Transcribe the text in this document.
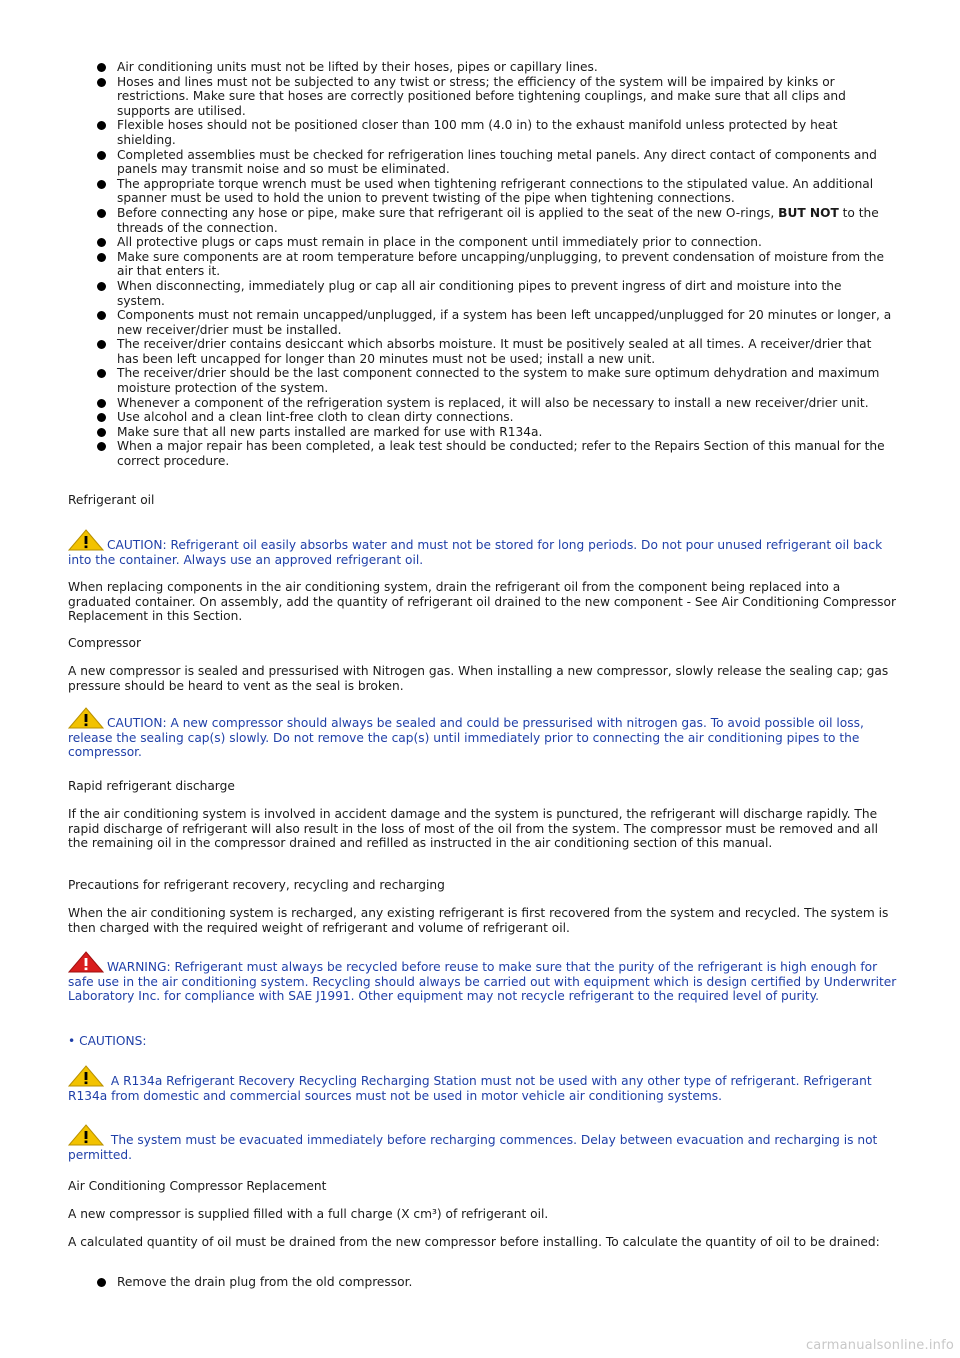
Air conditioning units must not be lifted by their hoses, pipes or capillary lines.
Hoses and lines must not be subjected to any twist or stress; the efficiency of the system will be impaired by kinks or restrictions. Make sure that hoses are correctly positioned before tightening couplings, and make sure that all clips and supports are utilised.
Flexible hoses should not be positioned closer than 100 mm (4.0 in) to the exhaust manifold unless protected by heat shielding.
Completed assemblies must be checked for refrigeration lines touching metal panels. Any direct contact of components and panels may transmit noise and so must be eliminated.
The appropriate torque wrench must be used when tightening refrigerant connections to the stipulated value. An additional spanner must be used to hold the union to prevent twisting of the pipe when tightening connections.
Before connecting any hose or pipe, make sure that refrigerant oil is applied to the seat of the new O-rings, BUT NOT to the threads of the connection.
All protective plugs or caps must remain in place in the component until immediately prior to connection.
Make sure components are at room temperature before uncapping/unplugging, to prevent condensation of moisture from the air that enters it.
When disconnecting, immediately plug or cap all air conditioning pipes to prevent ingress of dirt and moisture into the system.
Components must not remain uncapped/unplugged, if a system has been left uncapped/unplugged for 20 minutes or longer, a new receiver/drier must be installed.
The receiver/drier contains desiccant which absorbs moisture. It must be positively sealed at all times. A receiver/drier that has been left uncapped for longer than 20 minutes must not be used; install a new unit.
The receiver/drier should be the last component connected to the system to make sure optimum dehydration and maximum moisture protection of the system.
Whenever a component of the refrigeration system is replaced, it will also be necessary to install a new receiver/drier unit.
Use alcohol and a clean lint-free cloth to clean dirty connections.
Make sure that all new parts installed are marked for use with R134a.
When a major repair has been completed, a leak test should be conducted; refer to the Repairs Section of this manual for the correct procedure.

Refrigerant oil

CAUTION: Refrigerant oil easily absorbs water and must not be stored for long periods. Do not pour unused refrigerant oil back into the container. Always use an approved refrigerant oil.

When replacing components in the air conditioning system, drain the refrigerant oil from the component being replaced into a graduated container. On assembly, add the quantity of refrigerant oil drained to the new component - See Air Conditioning Compressor Replacement in this Section.

Compressor

A new compressor is sealed and pressurised with Nitrogen gas. When installing a new compressor, slowly release the sealing cap; gas pressure should be heard to vent as the seal is broken.

CAUTION: A new compressor should always be sealed and could be pressurised with nitrogen gas. To avoid possible oil loss, release the sealing cap(s) slowly. Do not remove the cap(s) until immediately prior to connecting the air conditioning pipes to the compressor.

Rapid refrigerant discharge

If the air conditioning system is involved in accident damage and the system is punctured, the refrigerant will discharge rapidly. The rapid discharge of refrigerant will also result in the loss of most of the oil from the system. The compressor must be removed and all the remaining oil in the compressor drained and refilled as instructed in the air conditioning section of this manual.

Precautions for refrigerant recovery, recycling and recharging

When the air conditioning system is recharged, any existing refrigerant is first recovered from the system and recycled. The system is then charged with the required weight of refrigerant and volume of refrigerant oil.

WARNING: Refrigerant must always be recycled before reuse to make sure that the purity of the refrigerant is high enough for safe use in the air conditioning system. Recycling should always be carried out with equipment which is design certified by Underwriter Laboratory Inc. for compliance with SAE J1991. Other equipment may not recycle refrigerant to the required level of purity.

• CAUTIONS:

A R134a Refrigerant Recovery Recycling Recharging Station must not be used with any other type of refrigerant. Refrigerant R134a from domestic and commercial sources must not be used in motor vehicle air conditioning systems.

The system must be evacuated immediately before recharging commences. Delay between evacuation and recharging is not permitted.

Air Conditioning Compressor Replacement

A new compressor is supplied filled with a full charge (X cm³) of refrigerant oil.

A calculated quantity of oil must be drained from the new compressor before installing. To calculate the quantity of oil to be drained:

Remove the drain plug from the old compressor.
carmanualsonline.info
